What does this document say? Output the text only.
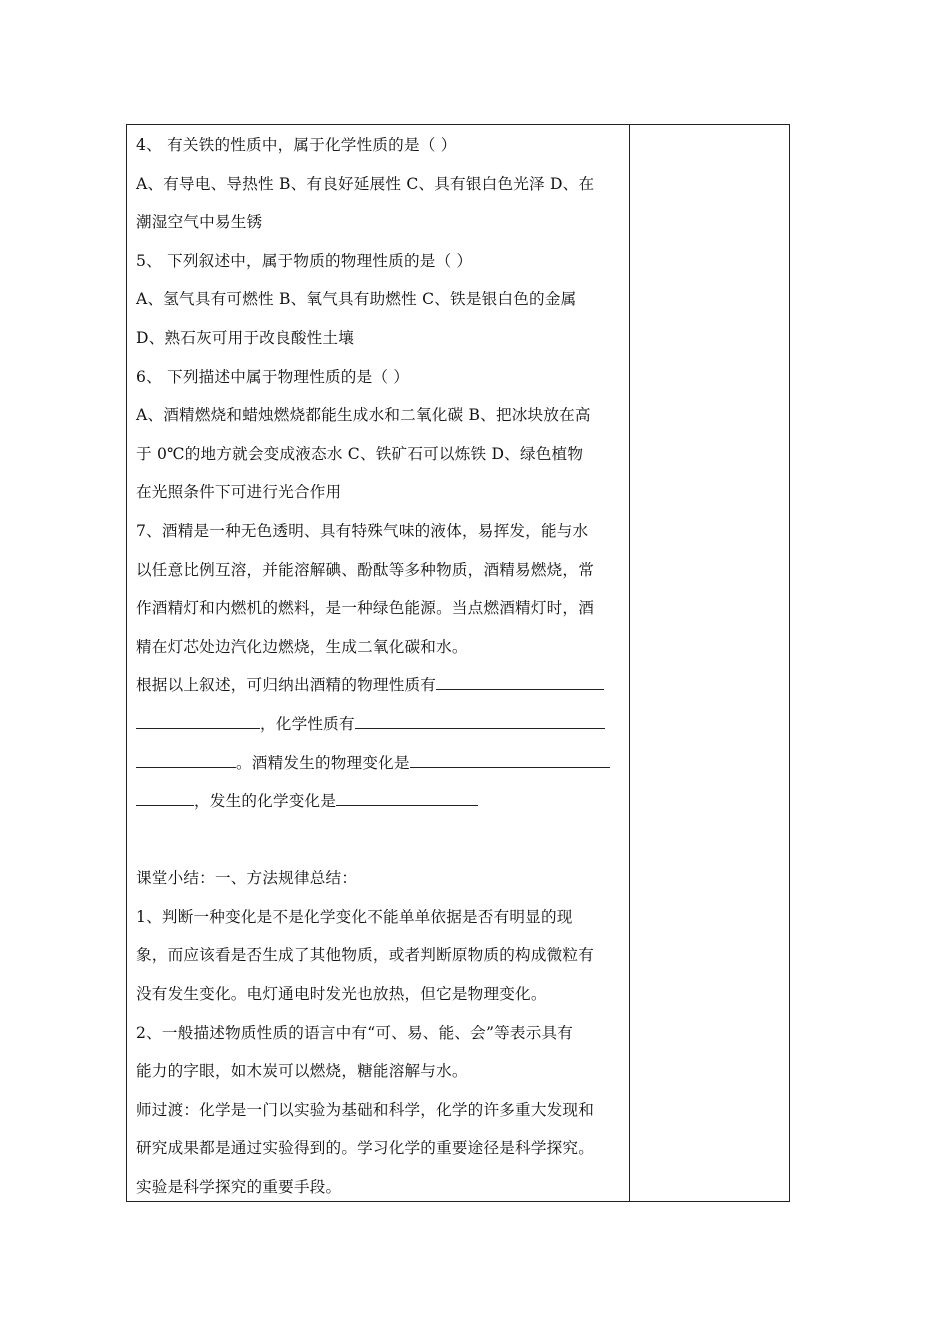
4、 有关铁的性质中，属于化学性质的是（ ）
A、有导电、导热性 B、有良好延展性 C、具有银白色光泽 D、在
潮湿空气中易生锈
5、 下列叙述中，属于物质的物理性质的是（ ）
A、氢气具有可燃性 B、氧气具有助燃性 C、铁是银白色的金属
D、熟石灰可用于改良酸性土壤
6、 下列描述中属于物理性质的是（ ）
A、酒精燃烧和蜡烛燃烧都能生成水和二氧化碳 B、把冰块放在高
于 0℃的地方就会变成液态水 C、铁矿石可以炼铁 D、绿色植物
在光照条件下可进行光合作用
7、酒精是一种无色透明、具有特殊气味的液体，易挥发，能与水
以任意比例互溶，并能溶解碘、酚酞等多种物质，酒精易燃烧，常
作酒精灯和内燃机的燃料，是一种绿色能源。当点燃酒精灯时，酒
精在灯芯处边汽化边燃烧，生成二氧化碳和水。
根据以上叙述，可归纳出酒精的物理性质有
，化学性质有
。酒精发生的物理变化是
，发生的化学变化是
课堂小结：一、方法规律总结：
1、判断一种变化是不是化学变化不能单单依据是否有明显的现
象，而应该看是否生成了其他物质，或者判断原物质的构成微粒有
没有发生变化。电灯通电时发光也放热，但它是物理变化。
2、一般描述物质性质的语言中有“可、易、能、会”等表示具有
能力的字眼，如木炭可以燃烧，糖能溶解与水。
师过渡：化学是一门以实验为基础和科学，化学的许多重大发现和
研究成果都是通过实验得到的。学习化学的重要途径是科学探究。
实验是科学探究的重要手段。
